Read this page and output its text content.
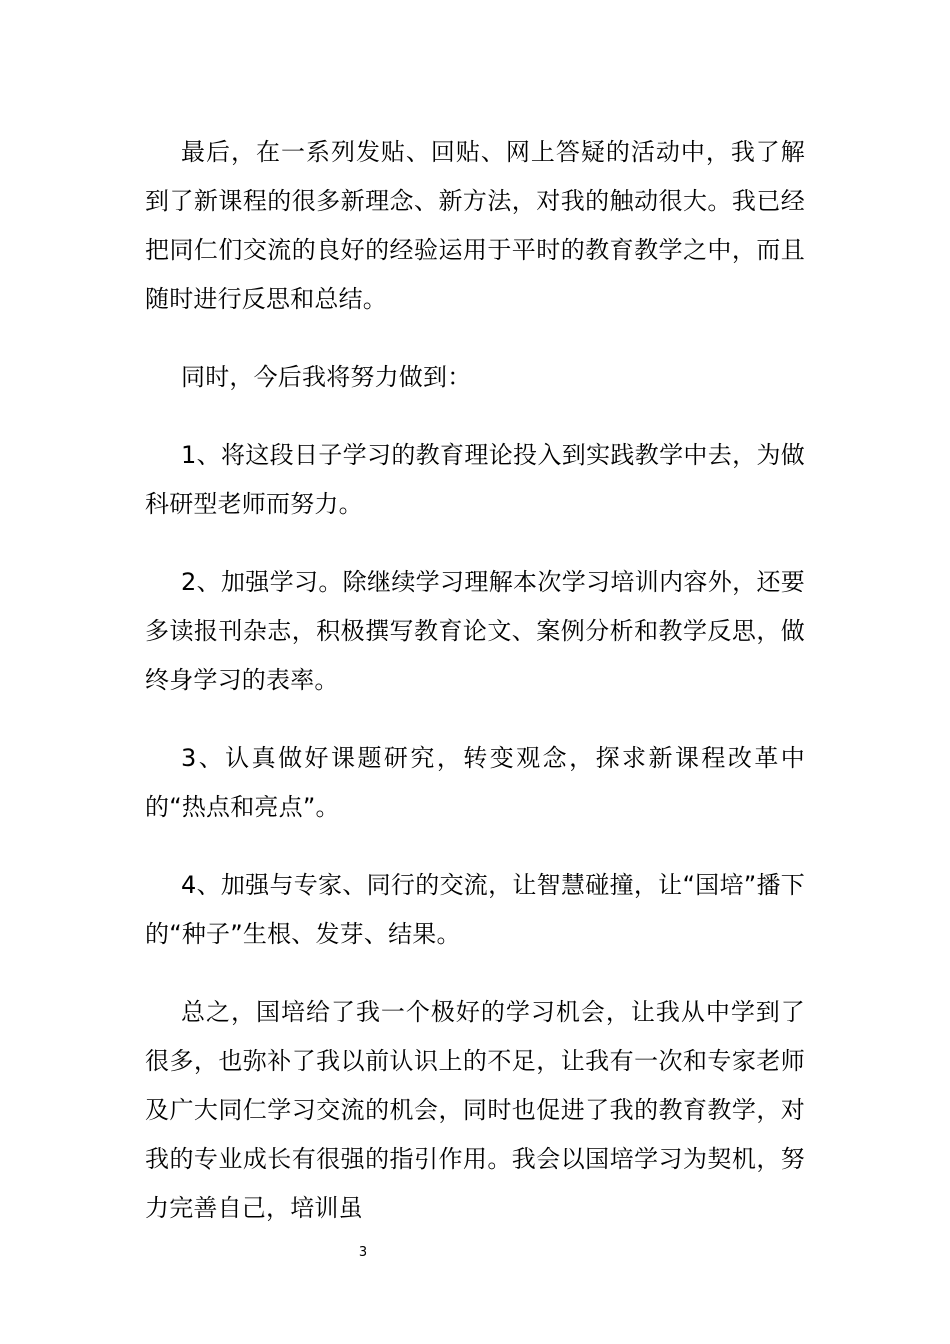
最后，在一系列发贴、回贴、网上答疑的活动中，我了解到了新课程的很多新理念、新方法，对我的触动很大。我已经把同仁们交流的良好的经验运用于平时的教育教学之中，而且随时进行反思和总结。

同时，今后我将努力做到：

1、将这段日子学习的教育理论投入到实践教学中去，为做科研型老师而努力。

2、加强学习。除继续学习理解本次学习培训内容外，还要多读报刊杂志，积极撰写教育论文、案例分析和教学反思，做终身学习的表率。

3、认真做好课题研究，转变观念，探求新课程改革中的“热点和亮点”。

4、加强与专家、同行的交流，让智慧碰撞，让“国培”播下的“种子”生根、发芽、结果。

总之，国培给了我一个极好的学习机会，让我从中学到了很多，也弥补了我以前认识上的不足，让我有一次和专家老师及广大同仁学习交流的机会，同时也促进了我的教育教学，对我的专业成长有很强的指引作用。我会以国培学习为契机，努力完善自己，培训虽

3
